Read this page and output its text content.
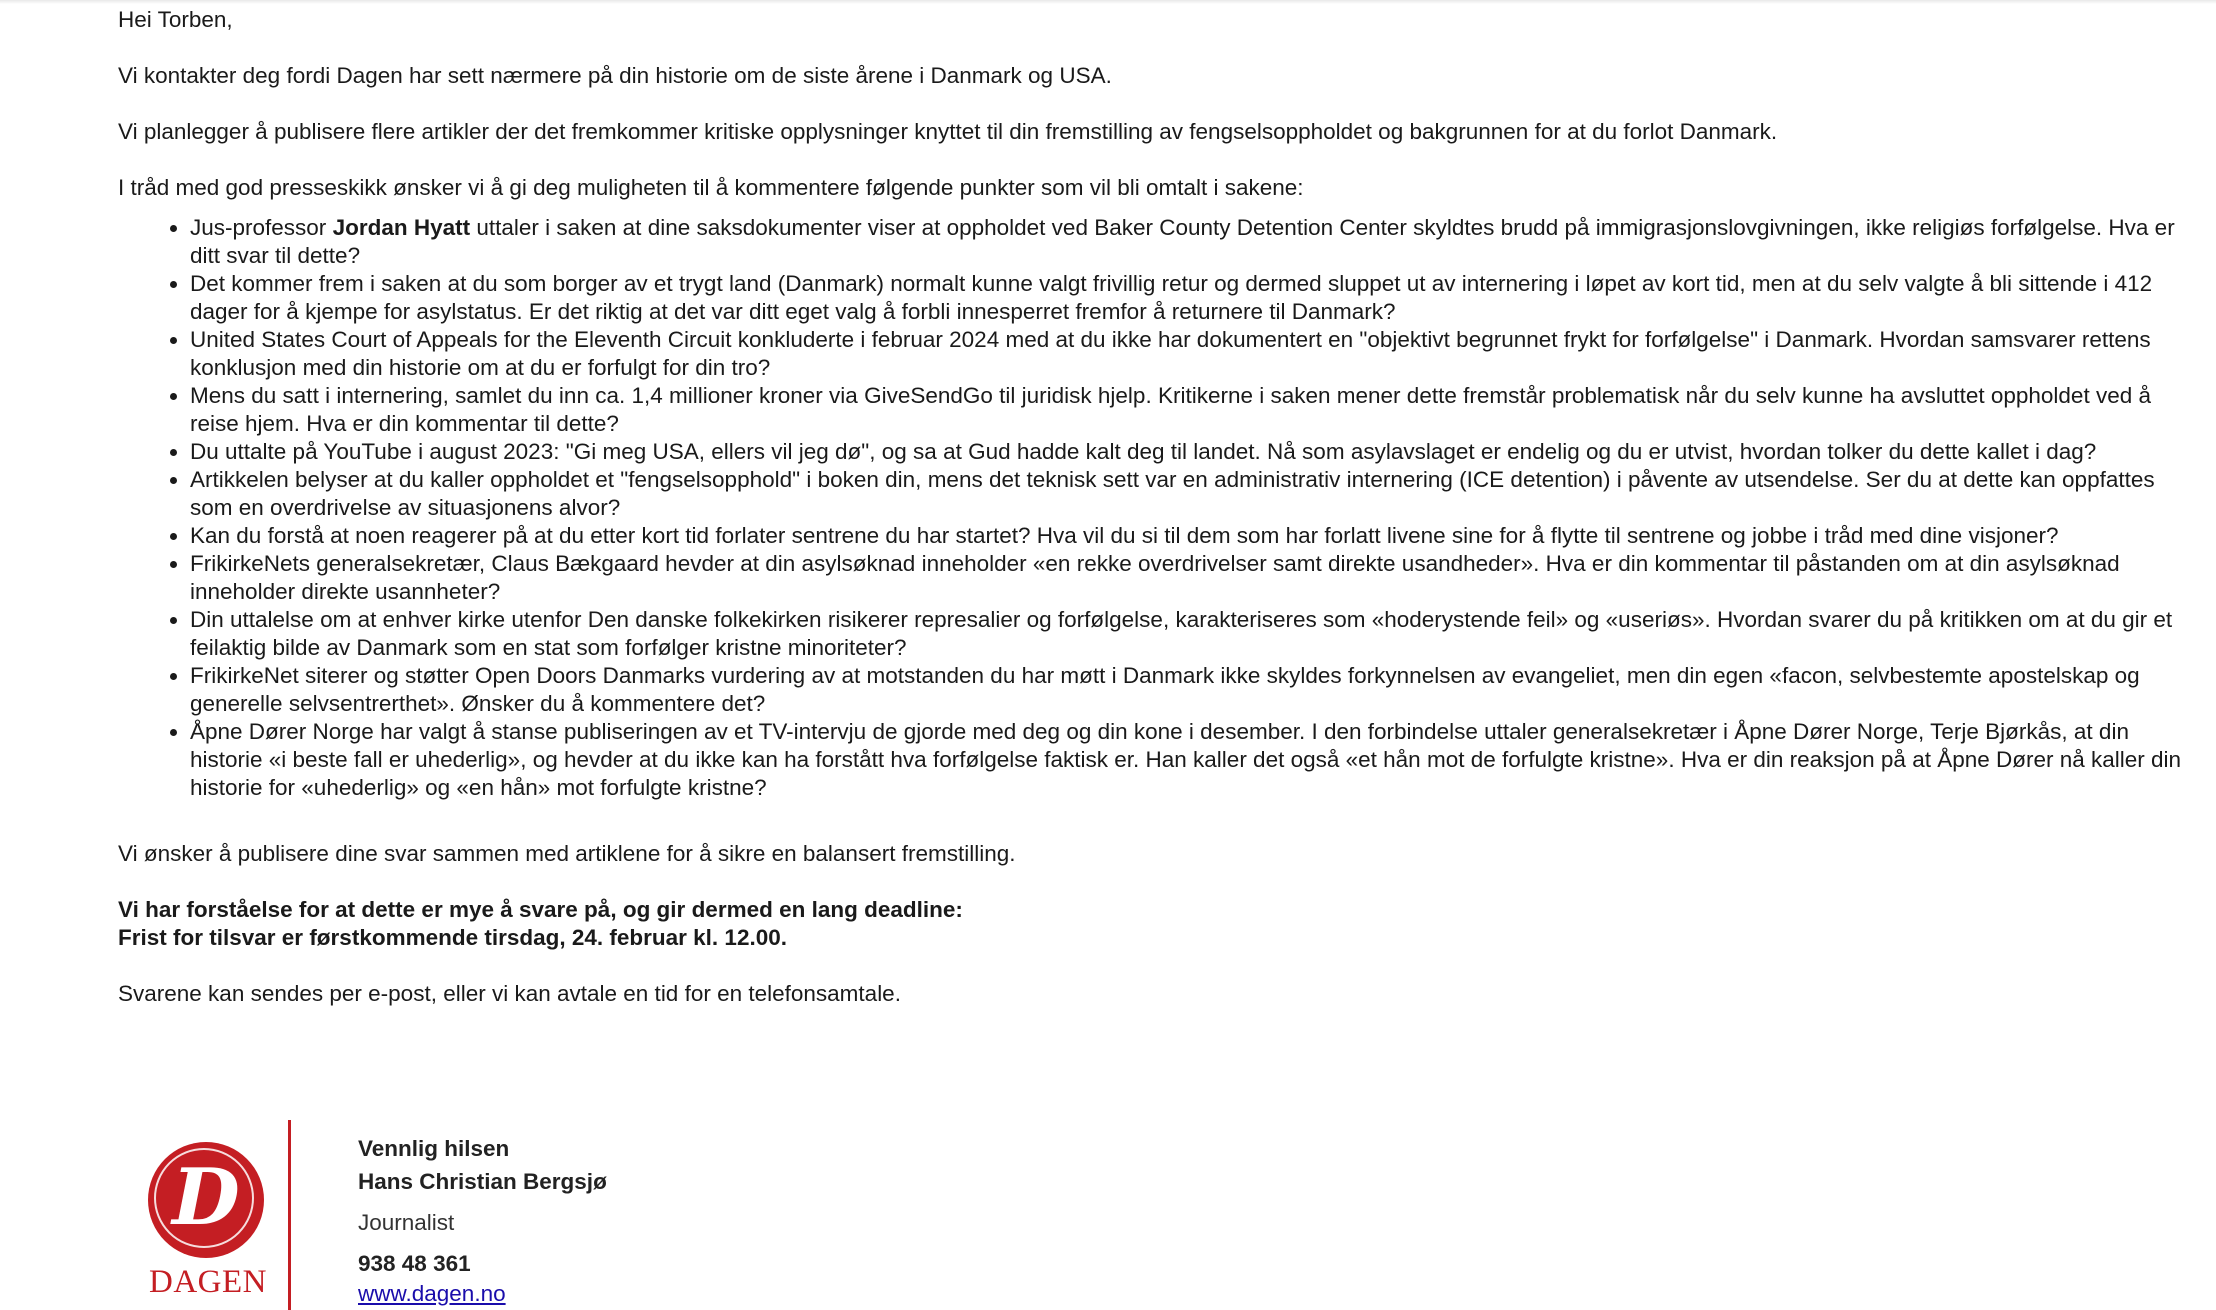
Hei Torben,

Vi kontakter deg fordi Dagen har sett nærmere på din historie om de siste årene i Danmark og USA.

Vi planlegger å publisere flere artikler der det fremkommer kritiske opplysninger knyttet til din fremstilling av fengselsoppholdet og bakgrunnen for at du forlot Danmark.

I tråd med god presseskikk ønsker vi å gi deg muligheten til å kommentere følgende punkter som vil bli omtalt i sakene:

• Jus-professor Jordan Hyatt uttaler i saken at dine saksdokumenter viser at oppholdet ved Baker County Detention Center skyldtes brudd på immigrasjonslovgivningen, ikke religiøs forfølgelse. Hva er ditt svar til dette?
• Det kommer frem i saken at du som borger av et trygt land (Danmark) normalt kunne valgt frivillig retur og dermed sluppet ut av internering i løpet av kort tid, men at du selv valgte å bli sittende i 412 dager for å kjempe for asylstatus. Er det riktig at det var ditt eget valg å forbli innesperret fremfor å returnere til Danmark?
• United States Court of Appeals for the Eleventh Circuit konkluderte i februar 2024 med at du ikke har dokumentert en "objektivt begrunnet frykt for forfølgelse" i Danmark. Hvordan samsvarer rettens konklusjon med din historie om at du er forfulgt for din tro?
• Mens du satt i internering, samlet du inn ca. 1,4 millioner kroner via GiveSendGo til juridisk hjelp. Kritikerne i saken mener dette fremstår problematisk når du selv kunne ha avsluttet oppholdet ved å reise hjem. Hva er din kommentar til dette?
• Du uttalte på YouTube i august 2023: "Gi meg USA, ellers vil jeg dø", og sa at Gud hadde kalt deg til landet. Nå som asylavslaget er endelig og du er utvist, hvordan tolker du dette kallet i dag?
• Artikkelen belyser at du kaller oppholdet et "fengselsopphold" i boken din, mens det teknisk sett var en administrativ internering (ICE detention) i påvente av utsendelse. Ser du at dette kan oppfattes som en overdrivelse av situasjonens alvor?
• Kan du forstå at noen reagerer på at du etter kort tid forlater sentrene du har startet? Hva vil du si til dem som har forlatt livene sine for å flytte til sentrene og jobbe i tråd med dine visjoner?
• FrikirkeNets generalsekretær, Claus Bækgaard hevder at din asylsøknad inneholder «en rekke overdrivelser samt direkte usandheder». Hva er din kommentar til påstanden om at din asylsøknad inneholder direkte usannheter?
• Din uttalelse om at enhver kirke utenfor Den danske folkekirken risikerer represalier og forfølgelse, karakteriseres som «hoderystende feil» og «useriøs». Hvordan svarer du på kritikken om at du gir et feilaktig bilde av Danmark som en stat som forfølger kristne minoriteter?
• FrikirkeNet siterer og støtter Open Doors Danmarks vurdering av at motstanden du har møtt i Danmark ikke skyldes forkynnelsen av evangeliet, men din egen «facon, selvbestemte apostelskap og generelle selvsentrerthet». Ønsker du å kommentere det?
• Åpne Dører Norge har valgt å stanse publiseringen av et TV-intervju de gjorde med deg og din kone i desember. I den forbindelse uttaler generalsekretær i Åpne Dører Norge, Terje Bjørkås, at din historie «i beste fall er uhederlig», og hevder at du ikke kan ha forstått hva forfølgelse faktisk er. Han kaller det også «et hån mot de forfulgte kristne». Hva er din reaksjon på at Åpne Dører nå kaller din historie for «uhederlig» og «en hån» mot forfulgte kristne?

Vi ønsker å publisere dine svar sammen med artiklene for å sikre en balansert fremstilling.

Vi har forståelse for at dette er mye å svare på, og gir dermed en lang deadline:
Frist for tilsvar er førstkommende tirsdag, 24. februar kl. 12.00.

Svarene kan sendes per e-post, eller vi kan avtale en tid for en telefonsamtale.

D
DAGEN
Vennlig hilsen
Hans Christian Bergsjø
Journalist
938 48 361
www.dagen.no
